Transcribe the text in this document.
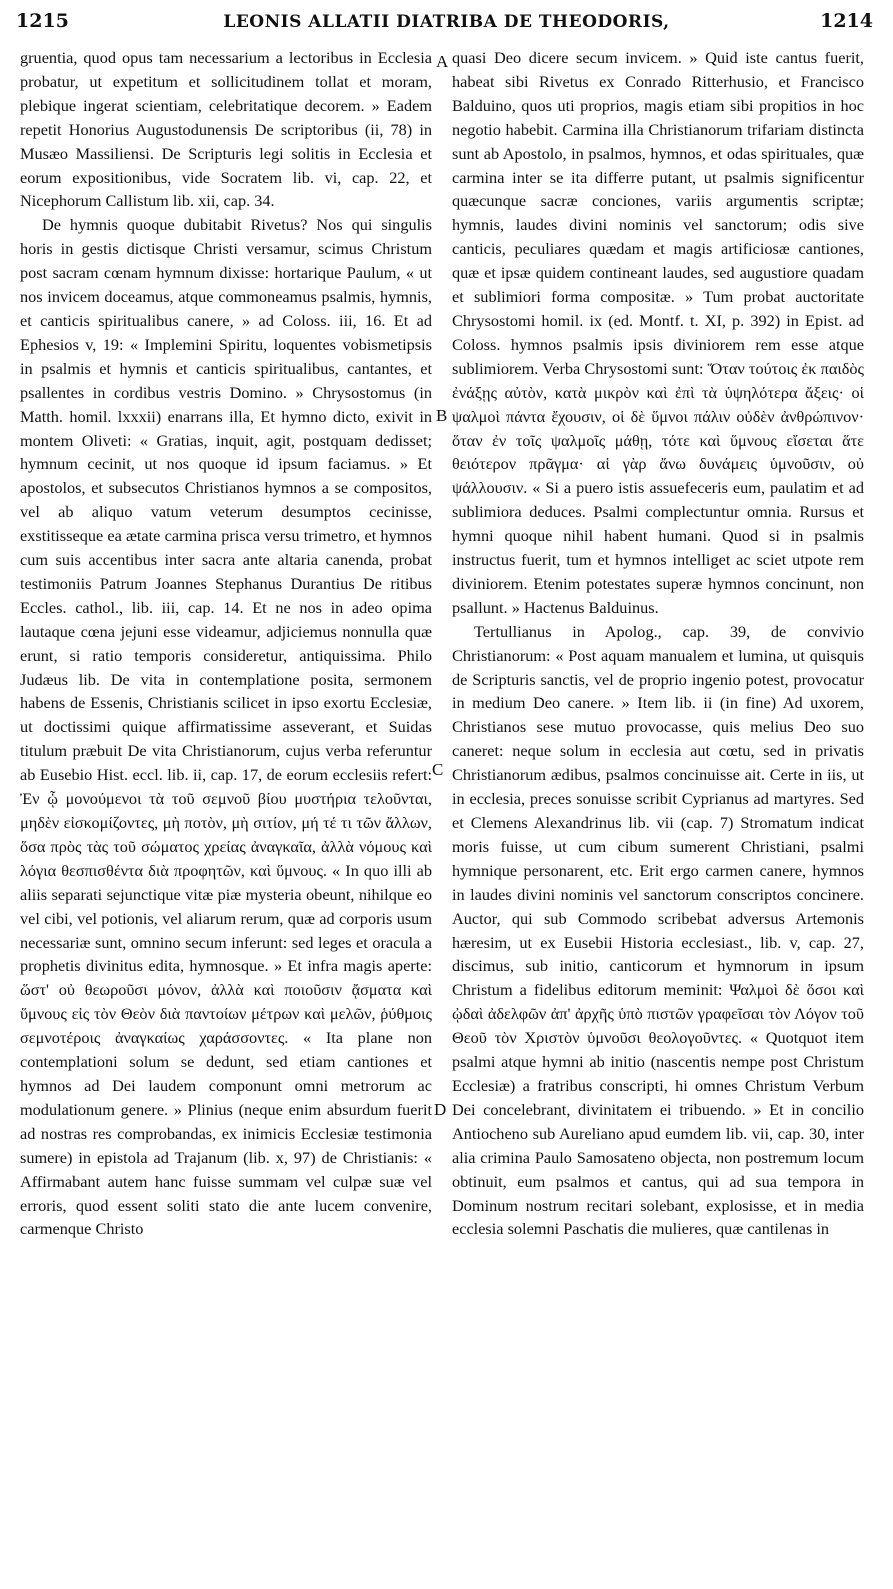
1215	LEONIS ALLATII DIATRIBA DE THEODORIS,	1214

gruentia, quod opus tam necessarium a lectoribus in Ecclesia probatur, ut expetitum et sollicitudinem tollat et moram, plebique ingerat scientiam, celebritatique decorem. » Eadem repetit Honorius Augustodunensis De scriptoribus (ii, 78) in Musæo Massiliensi. De Scripturis legi solitis in Ecclesia et eorum expositionibus, vide Socratem lib. vi, cap. 22, et Nicephorum Callistum lib. xii, cap. 34.

De hymnis quoque dubitabit Rivetus? Nos qui singulis horis in gestis dictisque Christi versamur, scimus Christum post sacram cœnam hymnum dixisse: hortarique Paulum, « ut nos invicem doceamus, atque commoneamus psalmis, hymnis, et canticis spiritualibus canere, » ad Coloss. iii, 16. Et ad Ephesios v, 19: « Implemini Spiritu, loquentes vobismetipsis in psalmis et hymnis et canticis spiritualibus, cantantes, et psallentes in cordibus vestris Domino. » Chrysostomus (in Matth. homil. lxxxii) enarrans illa, Et hymno dicto, exivit in montem Oliveti: « Gratias, inquit, agit, postquam dedisset; hymnum cecinit, ut nos quoque id ipsum faciamus. » Et apostolos, et subsecutos Christianos hymnos a se compositos, vel ab aliquo vatum veterum desumptos cecinisse, exstitisseque ea ætate carmina prisca versu trimetro, et hymnos cum suis accentibus inter sacra ante altaria canenda, probat testimoniis Patrum Joannes Stephanus Durantius De ritibus Eccles. cathol., lib. iii, cap. 14. Et ne nos in adeo opima lautaque cœna jejuni esse videamur, adjiciemus nonnulla quæ erunt, si ratio temporis consideretur, antiquissima. Philo Judæus lib. De vita in contemplatione posita, sermonem habens de Essenis, Christianis scilicet in ipso exortu Ecclesiæ, ut doctissimi quique affirmatissime asseverant, et Suidas titulum præbuit De vita Christianorum, cujus verba referuntur ab Eusebio Hist. eccl. lib. ii, cap. 17, de eorum ecclesiis refert: Ἐν ᾧ μονούμενοι τὰ τοῦ σεμνοῦ βίου μυστήρια τελοῦνται, μηδὲν εἰσκομίζοντες, μὴ ποτὸν, μὴ σιτίον, μή τέ τι τῶν ἄλλων, ὅσα πρὸς τὰς τοῦ σώματος χρείας ἀναγκαῖα, ἀλλὰ νόμους καὶ λόγια θεσπισθέντα διὰ προφητῶν, καὶ ὕμνους. « In quo illi ab aliis separati sejunctique vitæ piæ mysteria obeunt, nihilque eo vel cibi, vel potionis, vel aliarum rerum, quæ ad corporis usum necessariæ sunt, omnino secum inferunt: sed leges et oracula a prophetis divinitus edita, hymnosque. » Et infra magis aperte: ὥστ' οὐ θεωροῦσι μόνον, ἀλλὰ καὶ ποιοῦσιν ᾄσματα καὶ ὕμνους εἰς τὸν Θεὸν διὰ παντοίων μέτρων καὶ μελῶν, ῥύθμοις σεμνοτέροις ἀναγκαίως χαράσσοντες. « Ita plane non contemplationi solum se dedunt, sed etiam cantiones et hymnos ad Dei laudem componunt omni metrorum ac modulationum genere. » Plinius (neque enim absurdum fuerit ad nostras res comprobandas, ex inimicis Ecclesiæ testimonia sumere) in epistola ad Trajanum (lib. x, 97) de Christianis: « Affirmabant autem hanc fuisse summam vel culpæ suæ vel erroris, quod essent soliti stato die ante lucem convenire, carmenque Christo

A
B
C
D

quasi Deo dicere secum invicem. » Quid iste cantus fuerit, habeat sibi Rivetus ex Conrado Ritterhusio, et Francisco Balduino, quos uti proprios, magis etiam sibi propitios in hoc negotio habebit. Carmina illa Christianorum trifariam distincta sunt ab Apostolo, in psalmos, hymnos, et odas spirituales, quæ carmina inter se ita differre putant, ut psalmis significentur quæcunque sacræ conciones, variis argumentis scriptæ; hymnis, laudes divini nominis vel sanctorum; odis sive canticis, peculiares quædam et magis artificiosæ cantiones, quæ et ipsæ quidem contineant laudes, sed augustiore quadam et sublimiori forma compositæ. » Tum probat auctoritate Chrysostomi homil. ix (ed. Montf. t. XI, p. 392) in Epist. ad Coloss. hymnos psalmis ipsis diviniorem rem esse atque sublimiorem. Verba Chrysostomi sunt: Ὅταν τούτοις ἐκ παιδὸς ἐνάξῃς αὐτὸν, κατὰ μικρὸν καὶ ἐπὶ τὰ ὑψηλότερα ἄξεις· οἱ ψαλμοὶ πάντα ἔχουσιν, οἱ δὲ ὕμνοι πάλιν οὐδὲν ἀνθρώπινον· ὅταν ἐν τοῖς ψαλμοῖς μάθῃ, τότε καὶ ὕμνους εἴσεται ἅτε θειότερον πρᾶγμα· αἱ γὰρ ἄνω δυνάμεις ὑμνοῦσιν, οὐ ψάλλουσιν. « Si a puero istis assuefeceris eum, paulatim et ad sublimiora deduces. Psalmi complectuntur omnia. Rursus et hymni quoque nihil habent humani. Quod si in psalmis instructus fuerit, tum et hymnos intelliget ac sciet utpote rem diviniorem. Etenim potestates superæ hymnos concinunt, non psallunt. » Hactenus Balduinus.

Tertullianus in Apolog., cap. 39, de convivio Christianorum: « Post aquam manualem et lumina, ut quisquis de Scripturis sanctis, vel de proprio ingenio potest, provocatur in medium Deo canere. » Item lib. ii (in fine) Ad uxorem, Christianos sese mutuo provocasse, quis melius Deo suo caneret: neque solum in ecclesia aut cœtu, sed in privatis Christianorum ædibus, psalmos concinuisse ait. Certe in iis, ut in ecclesia, preces sonuisse scribit Cyprianus ad martyres. Sed et Clemens Alexandrinus lib. vii (cap. 7) Stromatum indicat moris fuisse, ut cum cibum sumerent Christiani, psalmi hymnique personarent, etc. Erit ergo carmen canere, hymnos in laudes divini nominis vel sanctorum conscriptos concinere. Auctor, qui sub Commodo scribebat adversus Artemonis hæresim, ut ex Eusebii Historia ecclesiast., lib. v, cap. 27, discimus, sub initio, canticorum et hymnorum in ipsum Christum a fidelibus editorum meminit: Ψαλμοὶ δὲ ὅσοι καὶ ᾠδαὶ ἀδελφῶν ἀπ' ἀρχῆς ὑπὸ πιστῶν γραφεῖσαι τὸν Λόγον τοῦ Θεοῦ τὸν Χριστὸν ὑμνοῦσι θεολογοῦντες. « Quotquot item psalmi atque hymni ab initio (nascentis nempe post Christum Ecclesiæ) a fratribus conscripti, hi omnes Christum Verbum Dei concelebrant, divinitatem ei tribuendo. » Et in concilio Antiocheno sub Aureliano apud eumdem lib. vii, cap. 30, inter alia crimina Paulo Samosateno objecta, non postremum locum obtinuit, eum psalmos et cantus, qui ad sua tempora in Dominum nostrum recitari solebant, explosisse, et in media ecclesia solemni Paschatis die mulieres, quæ cantilenas in
